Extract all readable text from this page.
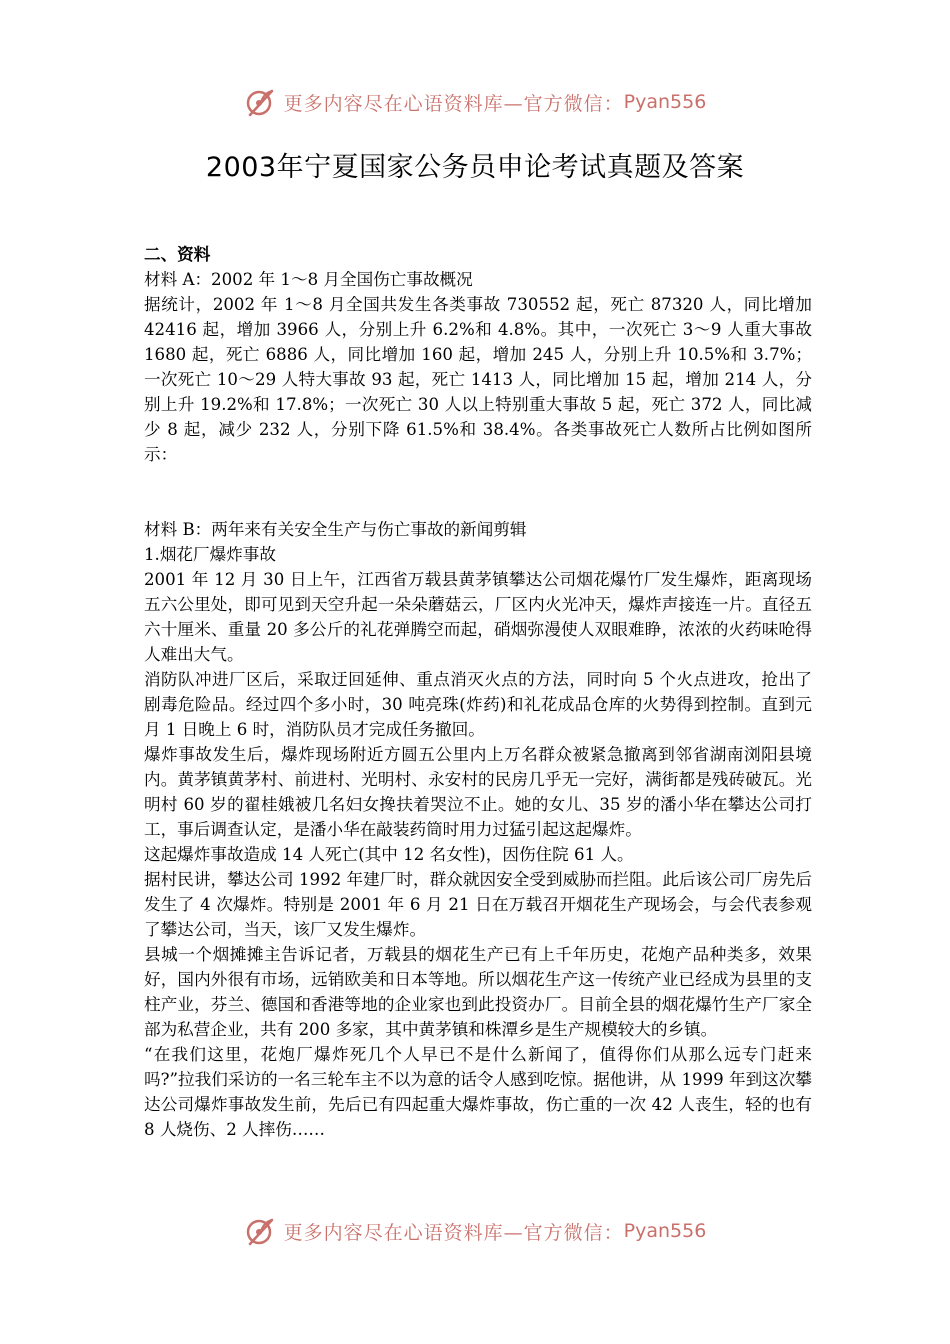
更多内容尽在心语资料库—官方微信： Pyan556
2003年宁夏国家公务员申论考试真题及答案

二、资料

材料 A：2002 年 1～8 月全国伤亡事故概况

据统计，2002 年 1～8 月全国共发生各类事故 730552 起，死亡 87320 人，同比增加 42416 起，增加 3966 人，分别上升 6.2%和 4.8%。其中，一次死亡 3～9 人重大事故 1680 起，死亡 6886 人，同比增加 160 起，增加 245 人，分别上升 10.5%和 3.7%；一次死亡 10～29 人特大事故 93 起，死亡 1413 人，同比增加 15 起，增加 214 人，分别上升 19.2%和 17.8%；一次死亡 30 人以上特别重大事故 5 起，死亡 372 人，同比减少 8 起，减少 232 人，分别下降 61.5%和 38.4%。各类事故死亡人数所占比例如图所示：

材料 B：两年来有关安全生产与伤亡事故的新闻剪辑

1.烟花厂爆炸事故

2001 年 12 月 30 日上午，江西省万载县黄茅镇攀达公司烟花爆竹厂发生爆炸，距离现场五六公里处，即可见到天空升起一朵朵蘑菇云，厂区内火光冲天，爆炸声接连一片。直径五六十厘米、重量 20 多公斤的礼花弹腾空而起，硝烟弥漫使人双眼难睁，浓浓的火药味呛得人难出大气。

消防队冲进厂区后，采取迂回延伸、重点消灭火点的方法，同时向 5 个火点进攻，抢出了剧毒危险品。经过四个多小时，30 吨亮珠(炸药)和礼花成品仓库的火势得到控制。直到元月 1 日晚上 6 时，消防队员才完成任务撤回。

爆炸事故发生后，爆炸现场附近方圆五公里内上万名群众被紧急撤离到邻省湖南浏阳县境内。黄茅镇黄茅村、前进村、光明村、永安村的民房几乎无一完好，满街都是残砖破瓦。光明村 60 岁的翟桂娥被几名妇女搀扶着哭泣不止。她的女儿、35 岁的潘小华在攀达公司打工，事后调查认定，是潘小华在敲装药筒时用力过猛引起这起爆炸。

这起爆炸事故造成 14 人死亡(其中 12 名女性)，因伤住院 61 人。

据村民讲，攀达公司 1992 年建厂时，群众就因安全受到威胁而拦阻。此后该公司厂房先后发生了 4 次爆炸。特别是 2001 年 6 月 21 日在万载召开烟花生产现场会，与会代表参观了攀达公司，当天，该厂又发生爆炸。

县城一个烟摊摊主告诉记者，万载县的烟花生产已有上千年历史，花炮产品种类多，效果好，国内外很有市场，远销欧美和日本等地。所以烟花生产这一传统产业已经成为县里的支柱产业，芬兰、德国和香港等地的企业家也到此投资办厂。目前全县的烟花爆竹生产厂家全部为私营企业，共有 200 多家，其中黄茅镇和株潭乡是生产规模较大的乡镇。

“在我们这里，花炮厂爆炸死几个人早已不是什么新闻了，值得你们从那么远专门赶来吗?”拉我们采访的一名三轮车主不以为意的话令人感到吃惊。据他讲，从 1999 年到这次攀达公司爆炸事故发生前，先后已有四起重大爆炸事故，伤亡重的一次 42 人丧生，轻的也有 8 人烧伤、2 人摔伤……

更多内容尽在心语资料库—官方微信： Pyan556
